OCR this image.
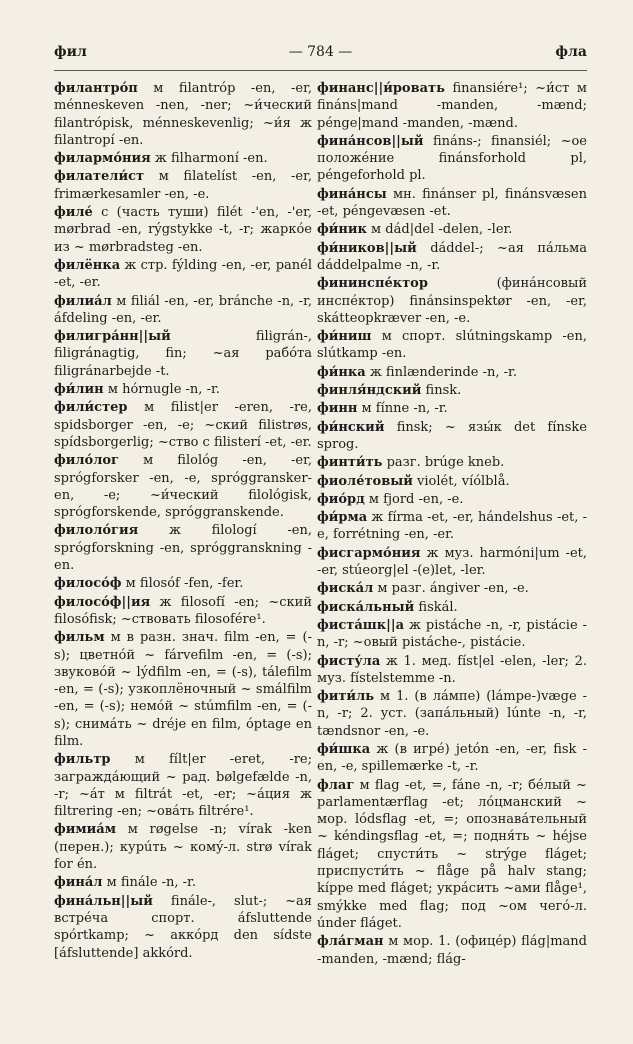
фил	— 784 —	фла
филантро́п м filantróp -en, -er, ménneskeven -nen, -ner; ~и́ческий filantrópisk, ménneskevenlig; ~и́я ж filantropí -en.
филармо́ния ж filharmoní -en.
филатели́ст м filatelíst -en, -er, frimærkesamler -en, -e.
филе́ с (часть туши) filét -'en, -'er, mørbrad -en, rýgstykke -t, -r; жаркóе из ~ mørbradsteg -en.
филёнка ж стр. fýlding -en, -er, panél -et, -er.
филиа́л м filiál -en, -er, bránche -n, -r, áfdeling -en, -er.
филигра́нн||ый filigrán-, filigránagtig, fin; ~ая рабóта filigránarbejde -t.
фи́лин м hórnugle -n, -r.
фили́стер м filist|er -eren, -re, spidsborger -en, -e; ~ский filistrøs, spídsborgerlig; ~ство с filisterí -et, -er.
фило́лог м filológ -en, -er, sprógforsker -en, -e, spróggransker-en, -e; ~и́ческий filológisk, sprógforskende, spróggranskende.
филоло́гия ж filologí -en, sprógforskning -en, spróggranskning -en.
филосо́ф м filosóf -fen, -fer.
филосо́ф||ия ж filosofí -en; ~ский filosófisk; ~ствовать filosoférе¹.
фильм м в разн. знач. film -en, = (-s); цветнóй ~ fárvefilm -en, = (-s); звуковóй ~ lýdfilm -en, = (-s), tálefilm -en, = (-s); узкоплёночный ~ smálfilm -en, = (-s); немóй ~ stúmfilm -en, = (-s); снимáть ~ dréje en film, óptage en film.
фильтр м fílt|er -eret, -re; заграждáющий ~ рад. bølgefælde -n, -r; ~áт м filtrát -et, -er; ~áция ж filtrering -en; ~овáть filtrére¹.
фимиа́м м røgelse -n; vírak -ken (перен.); курúть ~ комý-л. strø vírak for én.
фина́л м finále -n, -r.
фина́льн||ый finále-, slut-; ~ая встрéча спорт. áfsluttende spórtkamp; ~ аккóрд den sídste [áfsluttende] akkórd.
финанс||и́ровать finansiére¹; ~и́ст м fináns|mand -manden, -mænd; pénge|mand -manden, -mænd.
фина́нсов||ый fináns-; finansiél; ~ое положéние finánsforhold pl, péngeforhold pl.
фина́нсы мн. finánser pl, finánsvæsen -et, péngevæsen -et.
фи́ник м dád|del -delen, -ler.
фи́ников||ый dáddel-; ~ая пáльма dáddelpalme -n, -r.
фининспе́ктор (финáнсовый инспéктор) finánsinspektør -en, -er, skátteopkræver -en, -e.
фи́ниш м спорт. slútningskamp -en, slútkamp -en.
фи́нка ж finlænderinde -n, -r.
финля́ндский finsk.
финн м fínne -n, -r.
фи́нский finsk; ~ язы́к det fínske sprog.
финти́ть разг. brúge kneb.
фиоле́товый violét, víólblå.
фио́рд м fjord -en, -e.
фи́рма ж fírma -et, -er, hándelshus -et, -e, forrétning -en, -er.
фисгармо́ния ж муз. harmóni|um -et, -er, stúeorg|el -(e)let, -ler.
фиска́л м разг. ángiver -en, -e.
фиска́льный fiskál.
фиста́шк||а ж pistáche -n, -r, pistácie -n, -r; ~овый pistáche-, pistácie.
фисту́ла ж 1. мед. físt|el -elen, -ler; 2. муз. fístelstemme -n.
фити́ль м 1. (в лáмпе) (lámpe-)væge -n, -r; 2. уст. (запáльный) lúnte -n, -r, tændsnor -en, -e.
фи́шка ж (в игрé) jetón -en, -er, fisk -en, -e, spillemærke -t, -r.
флаг м flag -et, =, fáne -n, -r; бéлый ~ parlamentærflag -et; лóцманский ~ мор. lódsflag -et, =; опознавáтельный ~ kéndingsflag -et, =; подня́ть ~ héjse fláget; спусти́ть ~ strýge fláget; приспусти́ть ~ flåge på halv stang; kíppe med fláget; укрáсить ~ами flåge¹, smýkke med flag; под ~ом чегó-л. únder fláget.
фла́гман м мор. 1. (офицéр) flág|mand -manden, -mænd; flág-
